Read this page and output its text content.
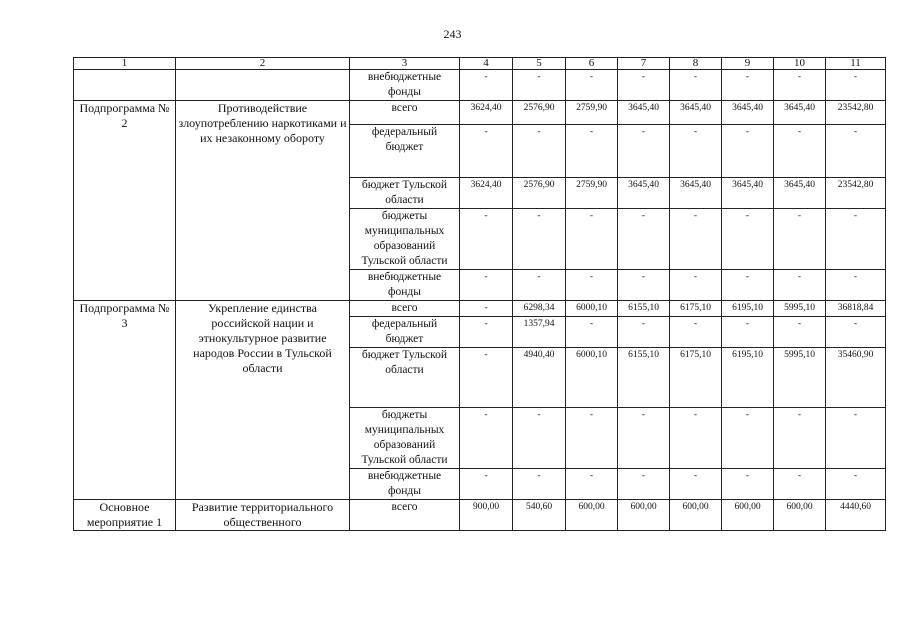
243
1	2	3	4	5	6	7	8	9	10	11
		внебюджетные фонды	-	-	-	-	-	-	-	-
Подпрограмма № 2	Противодействие злоупотреблению наркотиками и их незаконному обороту	всего	3624,40	2576,90	2759,90	3645,40	3645,40	3645,40	3645,40	23542,80
		федеральный бюджет	-	-	-	-	-	-	-	-
		бюджет Тульской области	3624,40	2576,90	2759,90	3645,40	3645,40	3645,40	3645,40	23542,80
		бюджеты муниципальных образований Тульской области	-	-	-	-	-	-	-	-
		внебюджетные фонды	-	-	-	-	-	-	-	-
Подпрограмма № 3	Укрепление единства российской нации и этнокультурное развитие народов России в Тульской области	всего	-	6298,34	6000,10	6155,10	6175,10	6195,10	5995,10	36818,84
		федеральный бюджет	-	1357,94	-	-	-	-	-	-
		бюджет Тульской области	-	4940,40	6000,10	6155,10	6175,10	6195,10	5995,10	35460,90
		бюджеты муниципальных образований Тульской области	-	-	-	-	-	-	-	-
		внебюджетные фонды	-	-	-	-	-	-	-	-
Основное мероприятие 1	Развитие территориального общественного	всего	900,00	540,60	600,00	600,00	600,00	600,00	600,00	4440,60
